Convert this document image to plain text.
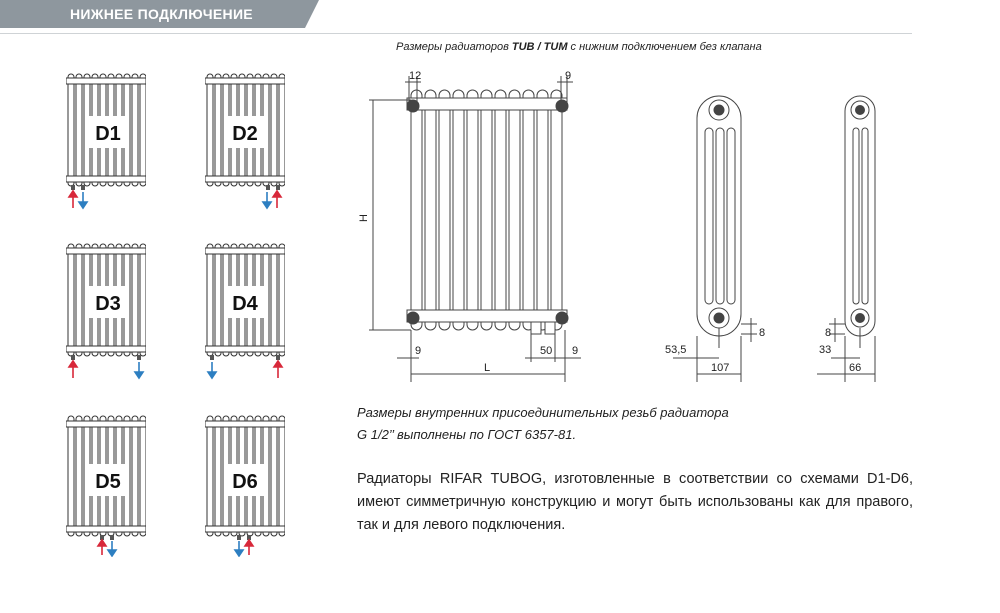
НИЖНЕЕ ПОДКЛЮЧЕНИЕ
D1	D2
D3	D4
D5	D6
Размеры радиаторов TUB / TUM с нижним подключением без клапана
12	9
H
9	50 9
L
53,5
107
8	8
33
66
Размеры внутренних присоединительных резьб радиатора
G 1/2’’ выполнены по ГОСТ 6357-81.
Радиаторы RIFAR TUBOG, изготовленные в соответствии со схемами D1-D6, имеют симметричную конструкцию и могут быть использованы как для правого, так и для левого подключения.
